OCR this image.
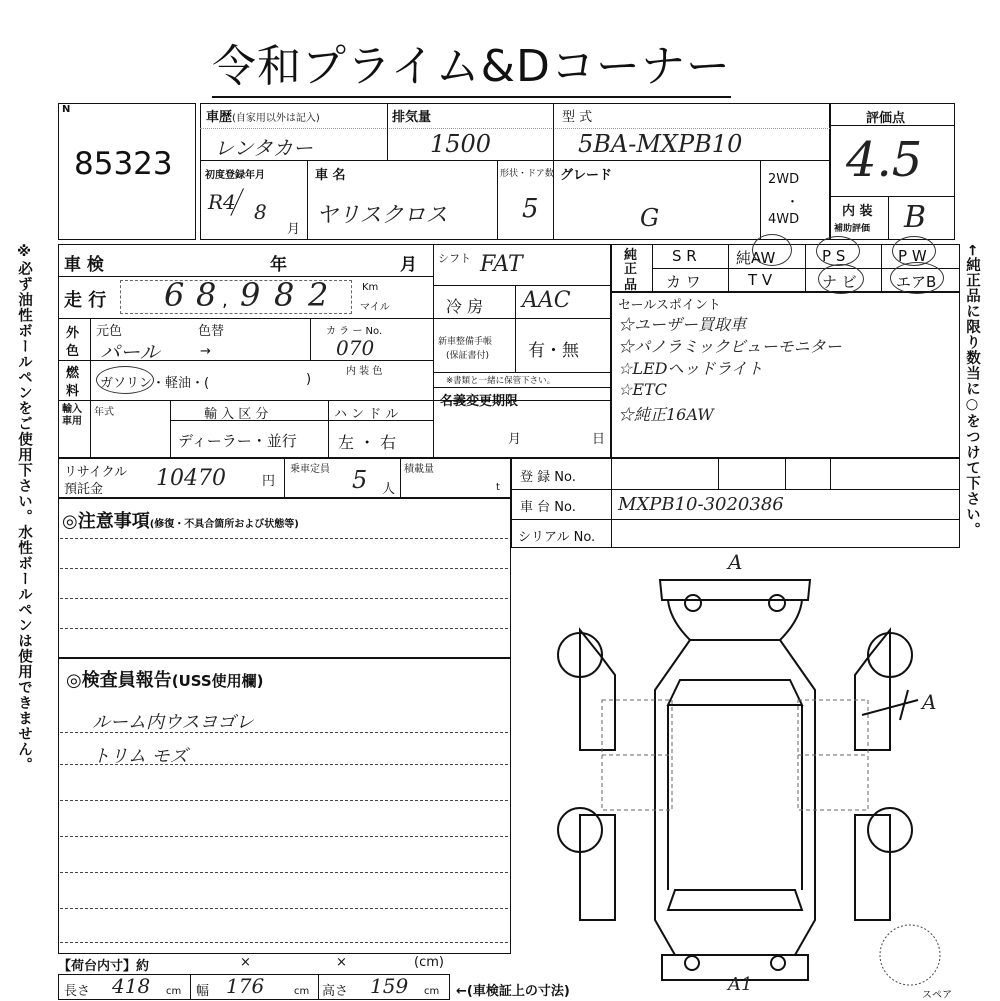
令和プライム&Dコーナー
N
85323
車歴(自家用以外は記入)
レンタカー
排気量
1500
型 式
5BA-MXPB10
初度登録年月
R4 8
月
車 名
ヤリスクロス
形状・ドア数
5
グレード
G
2WD
・
4WD
評価点
4.5
内 装
補助評価 B
※必ず油性ボールペンをご使用下さい。水性ボールペンは使用できません。	←純正品に限り数当に○をつけて下さい。
車 検	年	月
走 行 6 8 , 9 8 2	Km
マイル
外
色
元色	色替
パール	→
カ ラ ー No.
070
燃
料
ガソリン・軽油・(	)
内 装 色
シフト FAT
冷 房 AAC
新車整備手帳
(保証書付) 有・無
※書類と一緒に保管下さい。
名義変更期限
月	日
輸入車用
年式	輸 入 区 分
ディーラー・並行
ハ ン ド ル
左 ・ 右
純
正
品
S R	純AW	P S	P W
カ ワ	T V	ナ ビ	エアB
セールスポイント
☆ユーザー買取車
☆パノラミックビューモニター
☆LEDヘッドライト
☆ETC
☆純正16AW
リサイクル
預託金 10470	円
乗車定員 5 人
積載量
t
登 録 No.
車 台 No. MXPB10-3020386
シリアル No.
◎注意事項(修復・不具合箇所および状態等)
◎検査員報告(USS使用欄)
ルーム内ウスヨゴレ
トリム モズ
【荷台内寸】約	×	×	(cm)
長さ 418 cm 幅 176	cm 高さ 159 cm ←(車検証上の寸法)
A
A
A1
スペア
